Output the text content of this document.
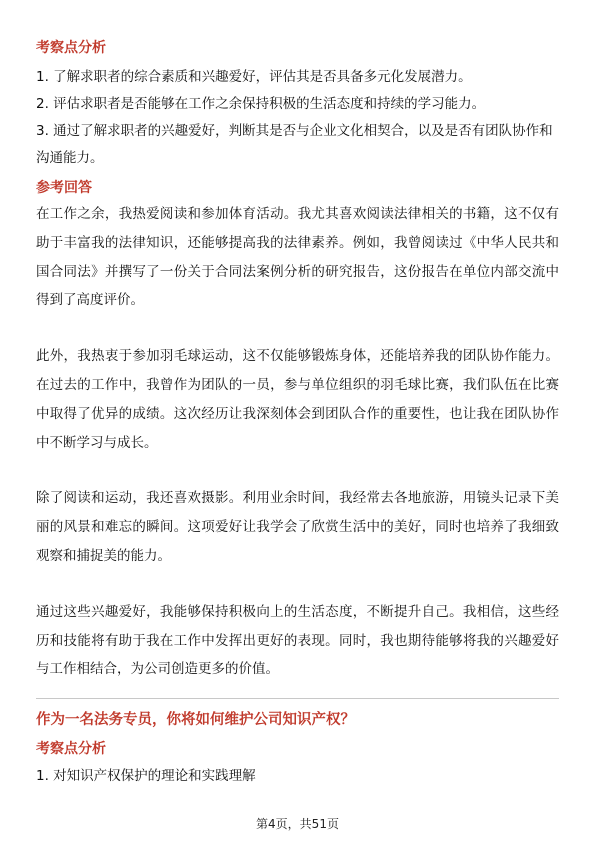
考察点分析

1. 了解求职者的综合素质和兴趣爱好，评估其是否具备多元化发展潜力。

2. 评估求职者是否能够在工作之余保持积极的生活态度和持续的学习能力。

3. 通过了解求职者的兴趣爱好，判断其是否与企业文化相契合，以及是否有团队协作和沟通能力。

参考回答

在工作之余，我热爱阅读和参加体育活动。我尤其喜欢阅读法律相关的书籍，这不仅有助于丰富我的法律知识，还能够提高我的法律素养。例如，我曾阅读过《中华人民共和国合同法》并撰写了一份关于合同法案例分析的研究报告，这份报告在单位内部交流中得到了高度评价。

此外，我热衷于参加羽毛球运动，这不仅能够锻炼身体，还能培养我的团队协作能力。在过去的工作中，我曾作为团队的一员，参与单位组织的羽毛球比赛，我们队伍在比赛中取得了优异的成绩。这次经历让我深刻体会到团队合作的重要性，也让我在团队协作中不断学习与成长。

除了阅读和运动，我还喜欢摄影。利用业余时间，我经常去各地旅游，用镜头记录下美丽的风景和难忘的瞬间。这项爱好让我学会了欣赏生活中的美好，同时也培养了我细致观察和捕捉美的能力。

通过这些兴趣爱好，我能够保持积极向上的生活态度，不断提升自己。我相信，这些经历和技能将有助于我在工作中发挥出更好的表现。同时，我也期待能够将我的兴趣爱好与工作相结合，为公司创造更多的价值。

作为一名法务专员，你将如何维护公司知识产权？

考察点分析

1. 对知识产权保护的理论和实践理解

第4页，共51页
